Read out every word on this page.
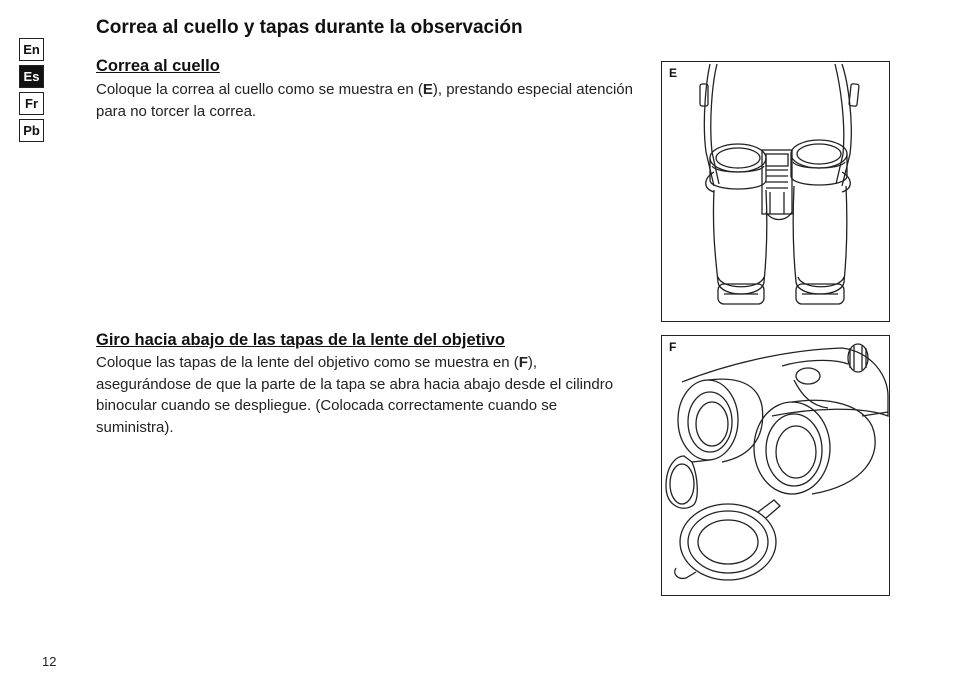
En
Es
Fr
Pb
Correa al cuello y tapas durante la observación
Correa al cuello

Coloque la correa al cuello como se muestra en (E), prestando especial atención para no torcer la correa.

Giro hacia abajo de las tapas de la lente del objetivo

Coloque las tapas de la lente del objetivo como se muestra en (F), asegurándose de que la parte de la tapa se abra hacia abajo desde el cilindro binocular cuando se despliegue. (Colocada correctamente cuando se suministra).

E
F
12
